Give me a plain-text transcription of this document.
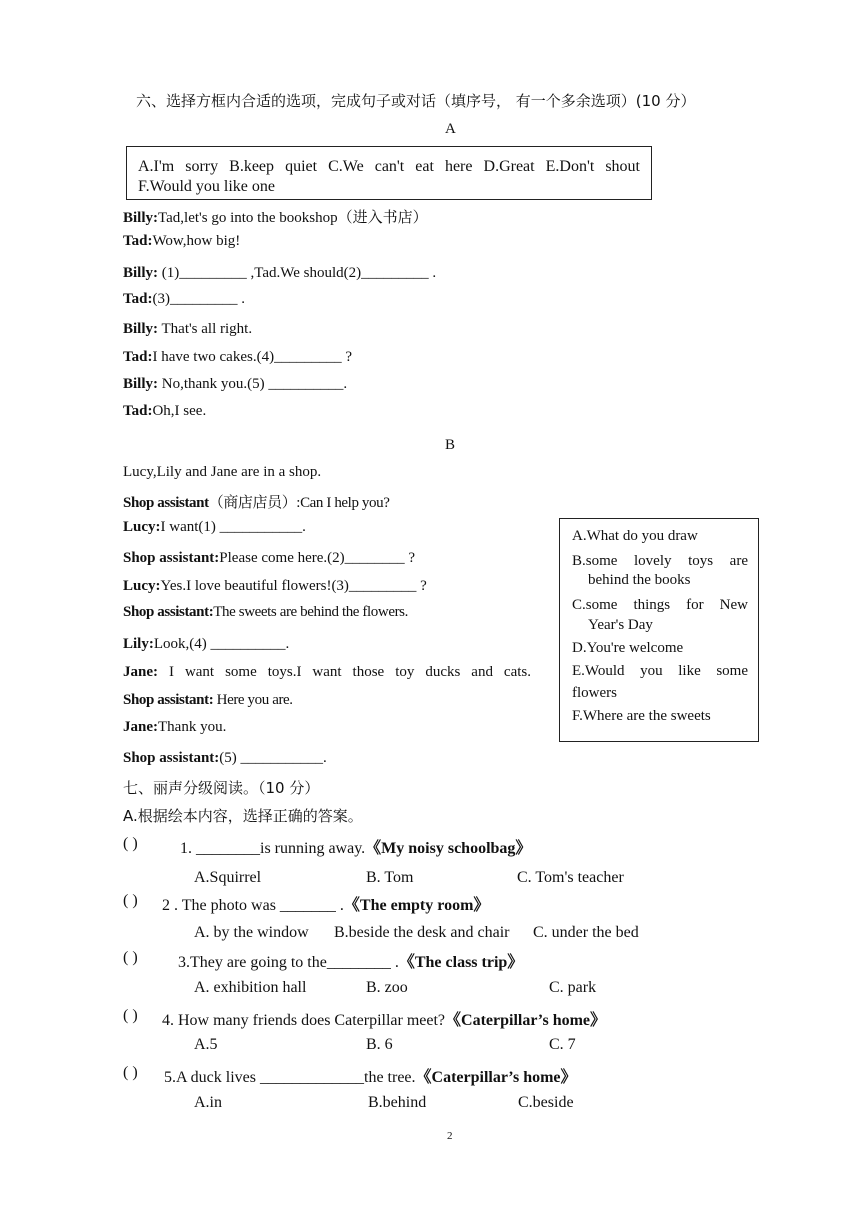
六、选择方框内合适的选项，完成句子或对话（填序号， 有一个多余选项）(10 分）
A
A.I'm sorry B.keep quiet C.We can't eat here D.Great E.Don't shout
F.Would you like one
Billy:Tad,let's go into the bookshop（进入书店）
Tad:Wow,how big!
Billy: (1)_________ ,Tad.We should(2)_________ .
Tad:(3)_________ .
Billy: That's all right.
Tad:I have two cakes.(4)_________ ?
Billy: No,thank you.(5) __________.
Tad:Oh,I see.
B
Lucy,Lily and Jane are in a shop.
Shop assistant（商店店员）:Can I help you?
Lucy:I want(1) ___________.
Shop assistant:Please come here.(2)________ ?
Lucy:Yes.I love beautiful flowers!(3)_________ ?
Shop assistant:The sweets are behind the flowers.
Lily:Look,(4) __________.
Jane: I want some toys.I want those toy ducks and cats.
Shop assistant: Here you are.
Jane:Thank you.
Shop assistant:(5) ___________.
A.What do you draw
B.some lovely toys are
behind the books
C.some things for New
Year's Day
D.You're welcome
E.Would you like some
flowers
F.Where are the sweets
七、丽声分级阅读。（10 分）
A.根据绘本内容，选择正确的答案。
( )	1. ________is running away.《My noisy schoolbag》
A.Squirrel	B. Tom	C. Tom's teacher
( ) 2 . The photo was _______ .《The empty room》
A. by the window B.beside the desk and chair C. under the bed
( )	3.They are going to the________ .《The class trip》
A. exhibition hall	B. zoo	C. park
( ) 4. How many friends does Caterpillar meet?《Caterpillar’s home》
A.5	B. 6	C. 7
( ) 5.A duck lives _____________the tree.《Caterpillar’s home》
A.in	B.behind	C.beside
2
